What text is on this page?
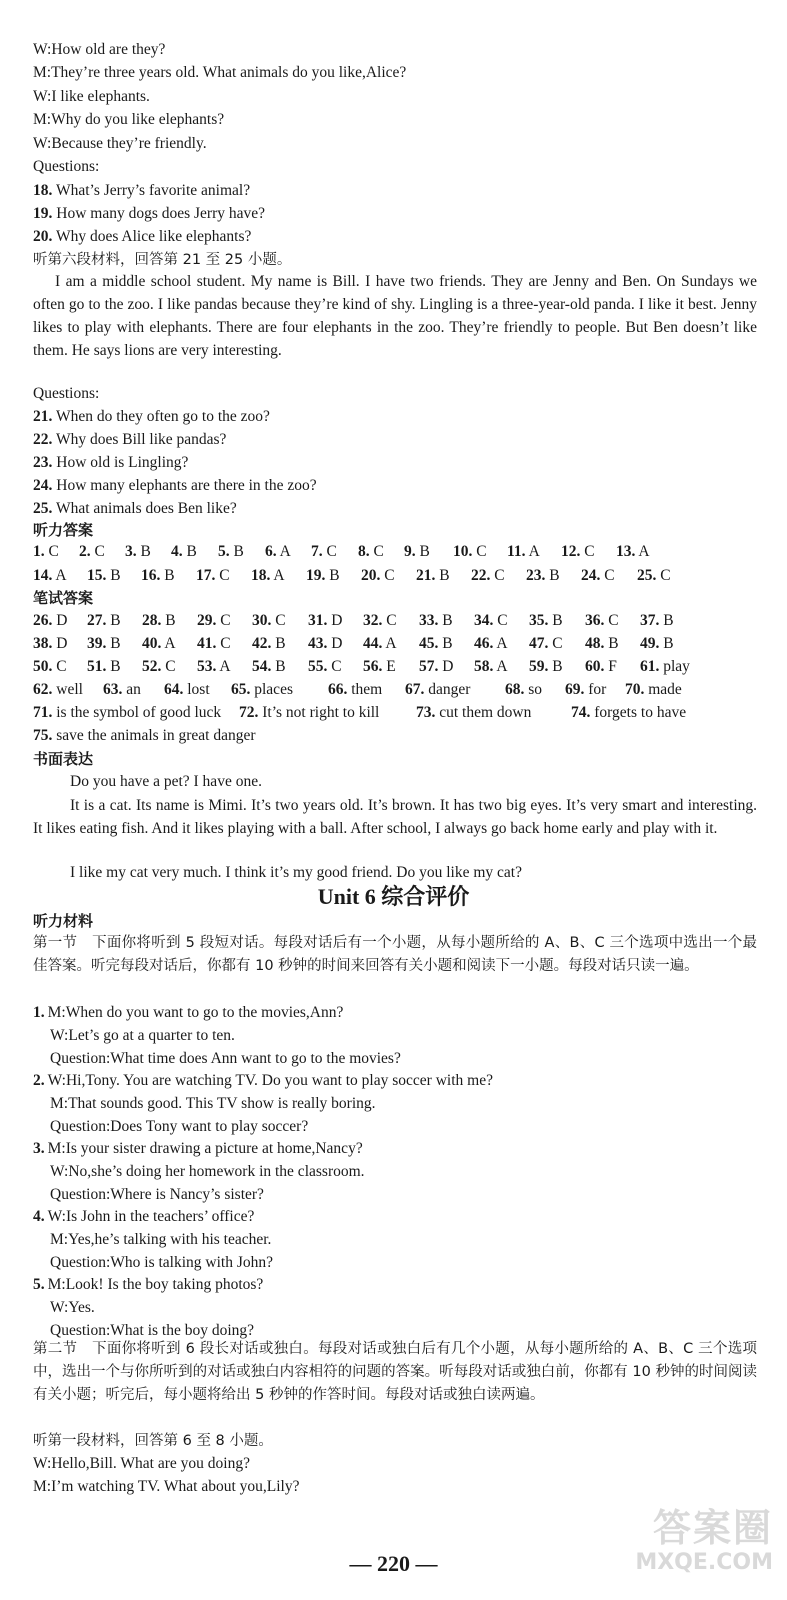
W:How old are they?
M:They’re three years old. What animals do you like,Alice?
W:I like elephants.
M:Why do you like elephants?
W:Because they’re friendly.
Questions:
18. What’s Jerry’s favorite animal?
19. How many dogs does Jerry have?
20. Why does Alice like elephants?
听第六段材料，回答第 21 至 25 小题。
I am a middle school student. My name is Bill. I have two friends. They are Jenny and Ben. On Sundays we often go to the zoo. I like pandas because they’re kind of shy. Lingling is a three-year-old panda. I like it best. Jenny likes to play with elephants. There are four elephants in the zoo. They’re friendly to people. But Ben doesn’t like them. He says lions are very interesting.
Questions:
21. When do they often go to the zoo?
22. Why does Bill like pandas?
23. How old is Lingling?
24. How many elephants are there in the zoo?
25. What animals does Ben like?
听力答案
1. C 2. C 3. B 4. B 5. B 6. A 7. C 8. C 9. B 10. C 11. A 12. C 13. A
14. A 15. B 16. B 17. C 18. A 19. B 20. C 21. B 22. C 23. B 24. C 25. C
笔试答案
26. D 27. B 28. B 29. C 30. C 31. D 32. C 33. B 34. C 35. B 36. C 37. B
38. D 39. B 40. A 41. C 42. B 43. D 44. A 45. B 46. A 47. C 48. B 49. B
50. C 51. B 52. C 53. A 54. B 55. C 56. E 57. D 58. A 59. B 60. F 61. play
62. well 63. an 64. lost 65. places 66. them 67. danger 68. so 69. for 70. made
71. is the symbol of good luck 72. It’s not right to kill 73. cut them down	74. forgets to have
75. save the animals in great danger
书面表达
Do you have a pet? I have one.
It is a cat. Its name is Mimi. It’s two years old. It’s brown. It has two big eyes. It’s very smart and interesting. It likes eating fish. And it likes playing with a ball. After school, I always go back home early and play with it.
I like my cat very much. I think it’s my good friend. Do you like my cat?
Unit 6 综合评价
听力材料
第一节　下面你将听到 5 段短对话。每段对话后有一个小题，从每小题所给的 A、B、C 三个选项中选出一个最佳答案。听完每段对话后，你都有 10 秒钟的时间来回答有关小题和阅读下一小题。每段对话只读一遍。
1. M:When do you want to go to the movies,Ann?
W:Let’s go at a quarter to ten.
Question:What time does Ann want to go to the movies?
2. W:Hi,Tony. You are watching TV. Do you want to play soccer with me?
M:That sounds good. This TV show is really boring.
Question:Does Tony want to play soccer?
3. M:Is your sister drawing a picture at home,Nancy?
W:No,she’s doing her homework in the classroom.
Question:Where is Nancy’s sister?
4. W:Is John in the teachers’ office?
M:Yes,he’s talking with his teacher.
Question:Who is talking with John?
5. M:Look! Is the boy taking photos?
W:Yes.
Question:What is the boy doing?
第二节　下面你将听到 6 段长对话或独白。每段对话或独白后有几个小题，从每小题所给的 A、B、C 三个选项中，选出一个与你所听到的对话或独白内容相符的问题的答案。听每段对话或独白前，你都有 10 秒钟的时间阅读有关小题；听完后，每小题将给出 5 秒钟的作答时间。每段对话或独白读两遍。
听第一段材料，回答第 6 至 8 小题。
W:Hello,Bill. What are you doing?
M:I’m watching TV. What about you,Lily?
— 220 —
答案圈
MXQE.COM
